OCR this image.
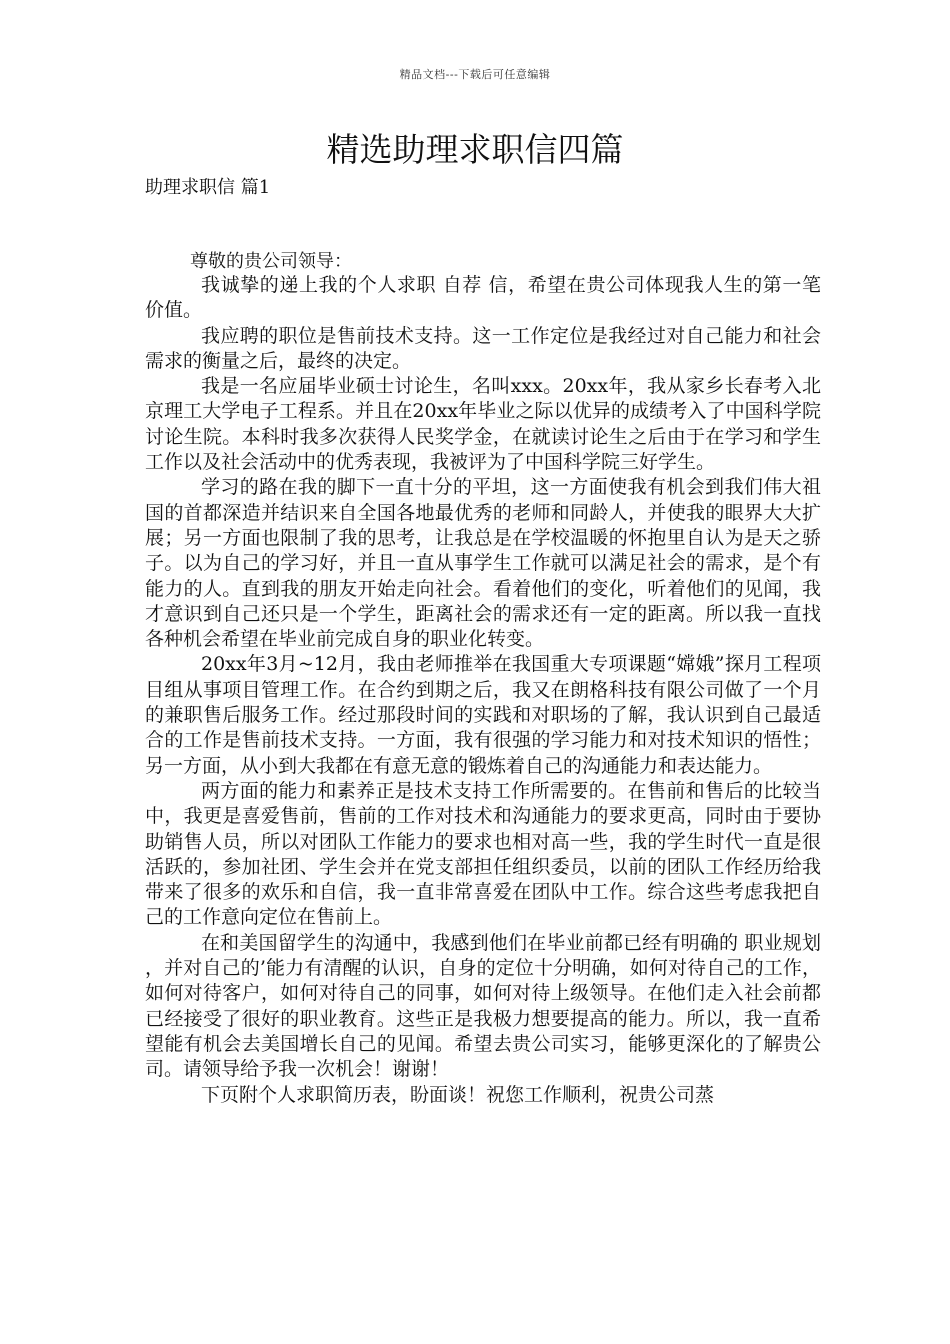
精品文档---下载后可任意编辑
精选助理求职信四篇
助理求职信 篇1
尊敬的贵公司领导：

我诚挚的递上我的个人求职 自荐 信，希望在贵公司体现我人生的第一笔价值。

我应聘的职位是售前技术支持。这一工作定位是我经过对自己能力和社会需求的衡量之后，最终的决定。

我是一名应届毕业硕士讨论生，名叫xxx。20xx年，我从家乡长春考入北京理工大学电子工程系。并且在20xx年毕业之际以优异的成绩考入了中国科学院讨论生院。本科时我多次获得人民奖学金，在就读讨论生之后由于在学习和学生工作以及社会活动中的优秀表现，我被评为了中国科学院三好学生。

学习的路在我的脚下一直十分的平坦，这一方面使我有机会到我们伟大祖国的首都深造并结识来自全国各地最优秀的老师和同龄人，并使我的眼界大大扩展；另一方面也限制了我的思考，让我总是在学校温暖的怀抱里自认为是天之骄子。以为自己的学习好，并且一直从事学生工作就可以满足社会的需求，是个有能力的人。直到我的朋友开始走向社会。看着他们的变化，听着他们的见闻，我才意识到自己还只是一个学生，距离社会的需求还有一定的距离。所以我一直找各种机会希望在毕业前完成自身的职业化转变。

20xx年3月~12月，我由老师推举在我国重大专项课题“嫦娥”探月工程项目组从事项目管理工作。在合约到期之后，我又在朗格科技有限公司做了一个月的兼职售后服务工作。经过那段时间的实践和对职场的了解，我认识到自己最适合的工作是售前技术支持。一方面，我有很强的学习能力和对技术知识的悟性；另一方面，从小到大我都在有意无意的锻炼着自己的沟通能力和表达能力。

两方面的能力和素养正是技术支持工作所需要的。在售前和售后的比较当中，我更是喜爱售前，售前的工作对技术和沟通能力的要求更高，同时由于要协助销售人员，所以对团队工作能力的要求也相对高一些，我的学生时代一直是很活跃的，参加社团、学生会并在党支部担任组织委员，以前的团队工作经历给我带来了很多的欢乐和自信，我一直非常喜爱在团队中工作。综合这些考虑我把自己的工作意向定位在售前上。

在和美国留学生的沟通中，我感到他们在毕业前都已经有明确的 职业规划 ，并对自己的’能力有清醒的认识，自身的定位十分明确，如何对待自己的工作，如何对待客户，如何对待自己的同事，如何对待上级领导。在他们走入社会前都已经接受了很好的职业教育。这些正是我极力想要提高的能力。所以，我一直希望能有机会去美国增长自己的见闻。希望去贵公司实习，能够更深化的了解贵公司。请领导给予我一次机会！谢谢！

下页附个人求职简历表，盼面谈！祝您工作顺利，祝贵公司蒸
